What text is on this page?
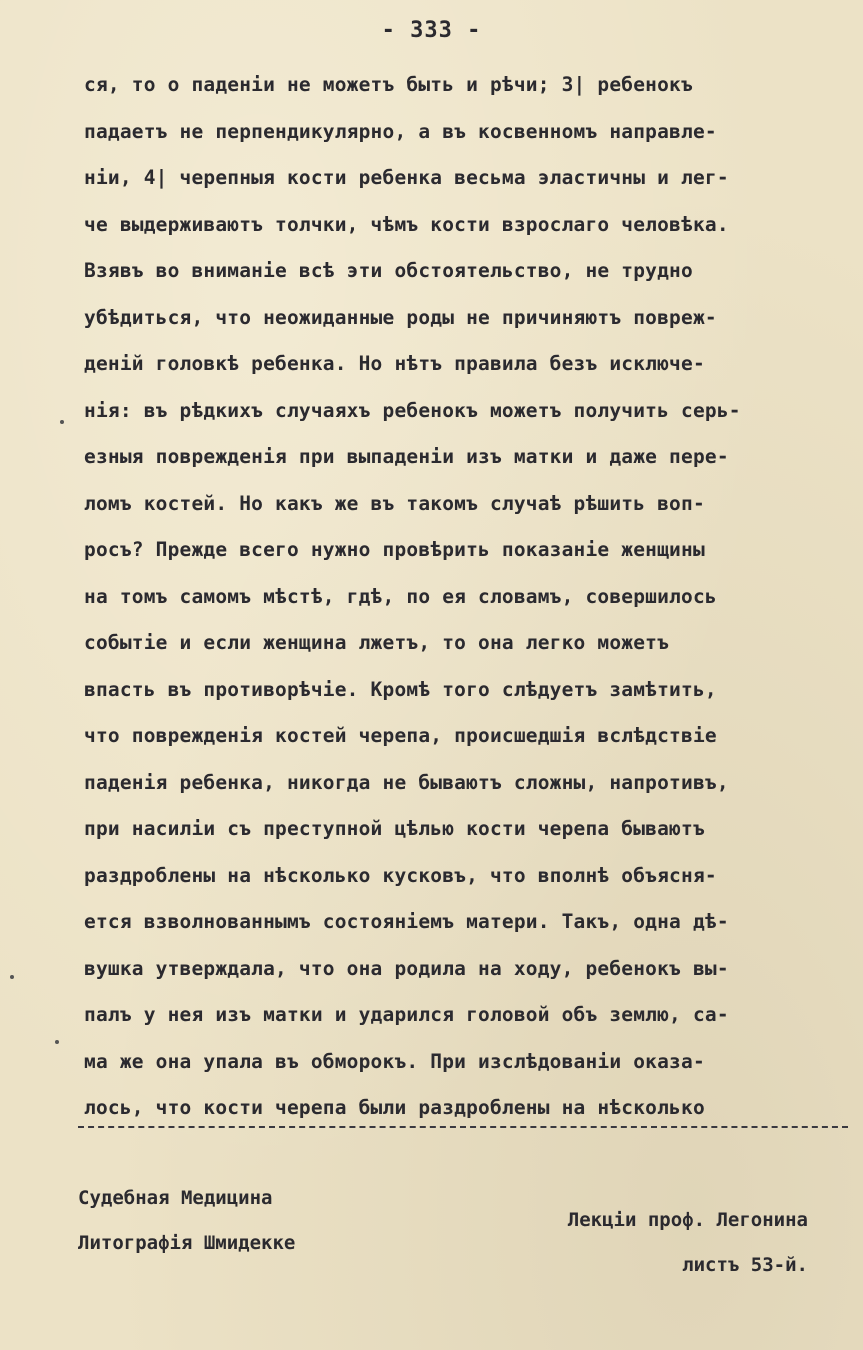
- 333 -
ся, то о паденіи не можетъ быть и рѣчи; 3| ребенокъ
падаетъ не перпендикулярно, а въ косвенномъ направле-
ніи, 4| черепныя кости ребенка весьма эластичны и лег-
че выдерживаютъ толчки, чѣмъ кости взрослаго человѣка.
Взявъ во вниманіе всѣ эти обстоятельство, не трудно
убѣдиться, что неожиданные роды не причиняютъ повреж-
деній головкѣ ребенка. Но нѣтъ правила безъ исключе-
нія: въ рѣдкихъ случаяхъ ребенокъ можетъ получить серь-
езныя поврежденія при выпаденіи изъ матки и даже пере-
ломъ костей. Но какъ же въ такомъ случаѣ рѣшить воп-
росъ? Прежде всего нужно провѣрить показаніе женщины
на томъ самомъ мѣстѣ, гдѣ, по ея словамъ, совершилось
событіе и если женщина лжетъ, то она легко можетъ
впасть въ противорѣчіе. Кромѣ того слѣдуетъ замѣтить,
что поврежденія костей черепа, происшедшія вслѣдствіе
паденія ребенка, никогда не бываютъ сложны, напротивъ,
при насиліи съ преступной цѣлью кости черепа бываютъ
раздроблены на нѣсколько кусковъ, что вполнѣ объясня-
ется взволнованнымъ состояніемъ матери. Такъ, одна дѣ-
вушка утверждала, что она родила на ходу, ребенокъ вы-
палъ у нея изъ матки и ударился головой объ землю, са-
ма же она упала въ обморокъ. При изслѣдованіи оказа-
лось, что кости черепа были раздроблены на нѣсколько

Судебная Медицина

Лекціи проф. Легонина

Литографія Шмидекке

листъ 53-й.
